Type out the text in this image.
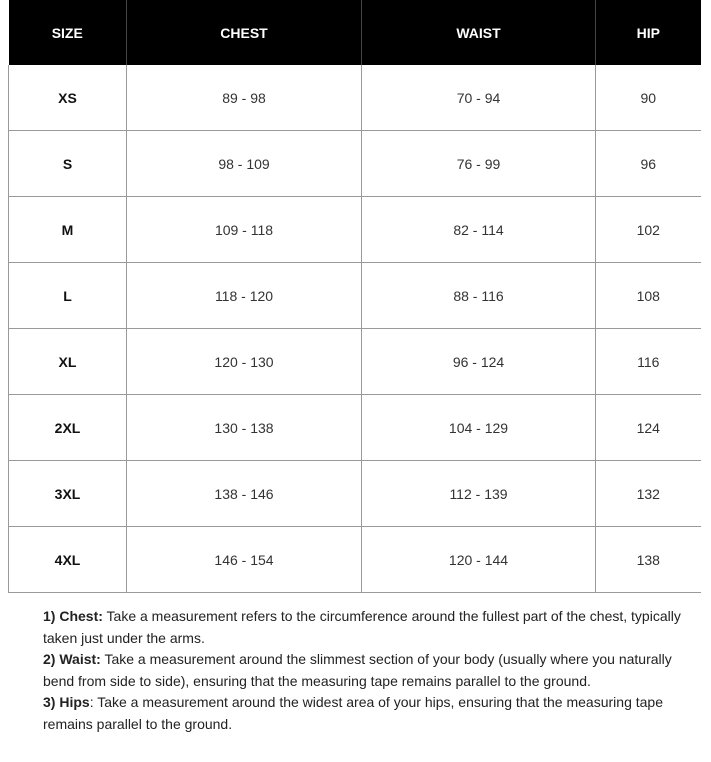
SIZE	CHEST	WAIST	HIP
XS	89 - 98	70 - 94	90
S	98 - 109	76 - 99	96
M	109 - 118	82 - 114	102
L	118 - 120	88 - 116	108
XL	120 - 130	96 - 124	116
2XL	130 - 138	104 - 129	124
3XL	138 - 146	112 - 139	132
4XL	146 - 154	120 - 144	138

1) Chest: Take a measurement refers to the circumference around the fullest part of the chest, typically taken just under the arms.

2) Waist: Take a measurement around the slimmest section of your body (usually where you naturally bend from side to side), ensuring that the measuring tape remains parallel to the ground.

3) Hips: Take a measurement around the widest area of your hips, ensuring that the measuring tape remains parallel to the ground.
